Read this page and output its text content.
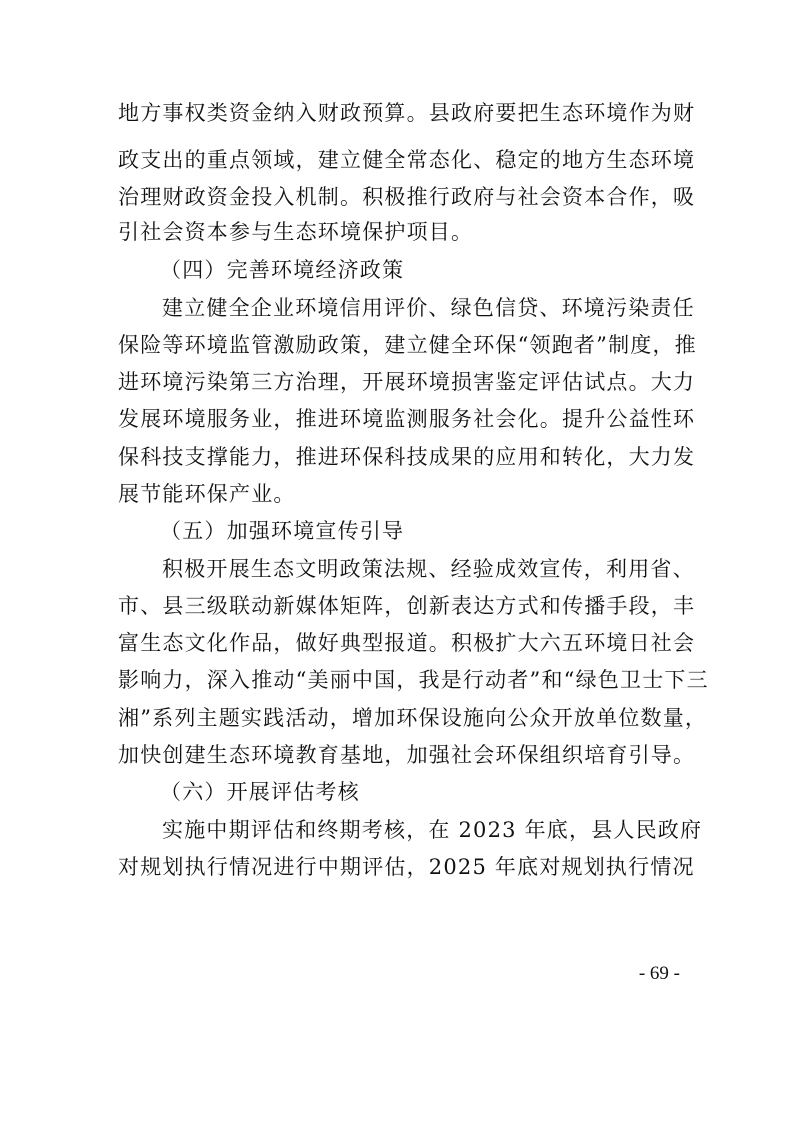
地方事权类资金纳入财政预算。县政府要把生态环境作为财
政支出的重点领域，建立健全常态化、稳定的地方生态环境
治理财政资金投入机制。积极推行政府与社会资本合作，吸
引社会资本参与生态环境保护项目。
（四）完善环境经济政策
建立健全企业环境信用评价、绿色信贷、环境污染责任
保险等环境监管激励政策，建立健全环保“领跑者”制度，推
进环境污染第三方治理，开展环境损害鉴定评估试点。大力
发展环境服务业，推进环境监测服务社会化。提升公益性环
保科技支撑能力，推进环保科技成果的应用和转化，大力发
展节能环保产业。
（五）加强环境宣传引导
积极开展生态文明政策法规、经验成效宣传，利用省、
市、县三级联动新媒体矩阵，创新表达方式和传播手段，丰
富生态文化作品，做好典型报道。积极扩大六五环境日社会
影响力，深入推动“美丽中国，我是行动者”和“绿色卫士下三
湘”系列主题实践活动，增加环保设施向公众开放单位数量，
加快创建生态环境教育基地，加强社会环保组织培育引导。
（六）开展评估考核
实施中期评估和终期考核，在 2023 年底，县人民政府
对规划执行情况进行中期评估，2025 年底对规划执行情况
- 69 -
